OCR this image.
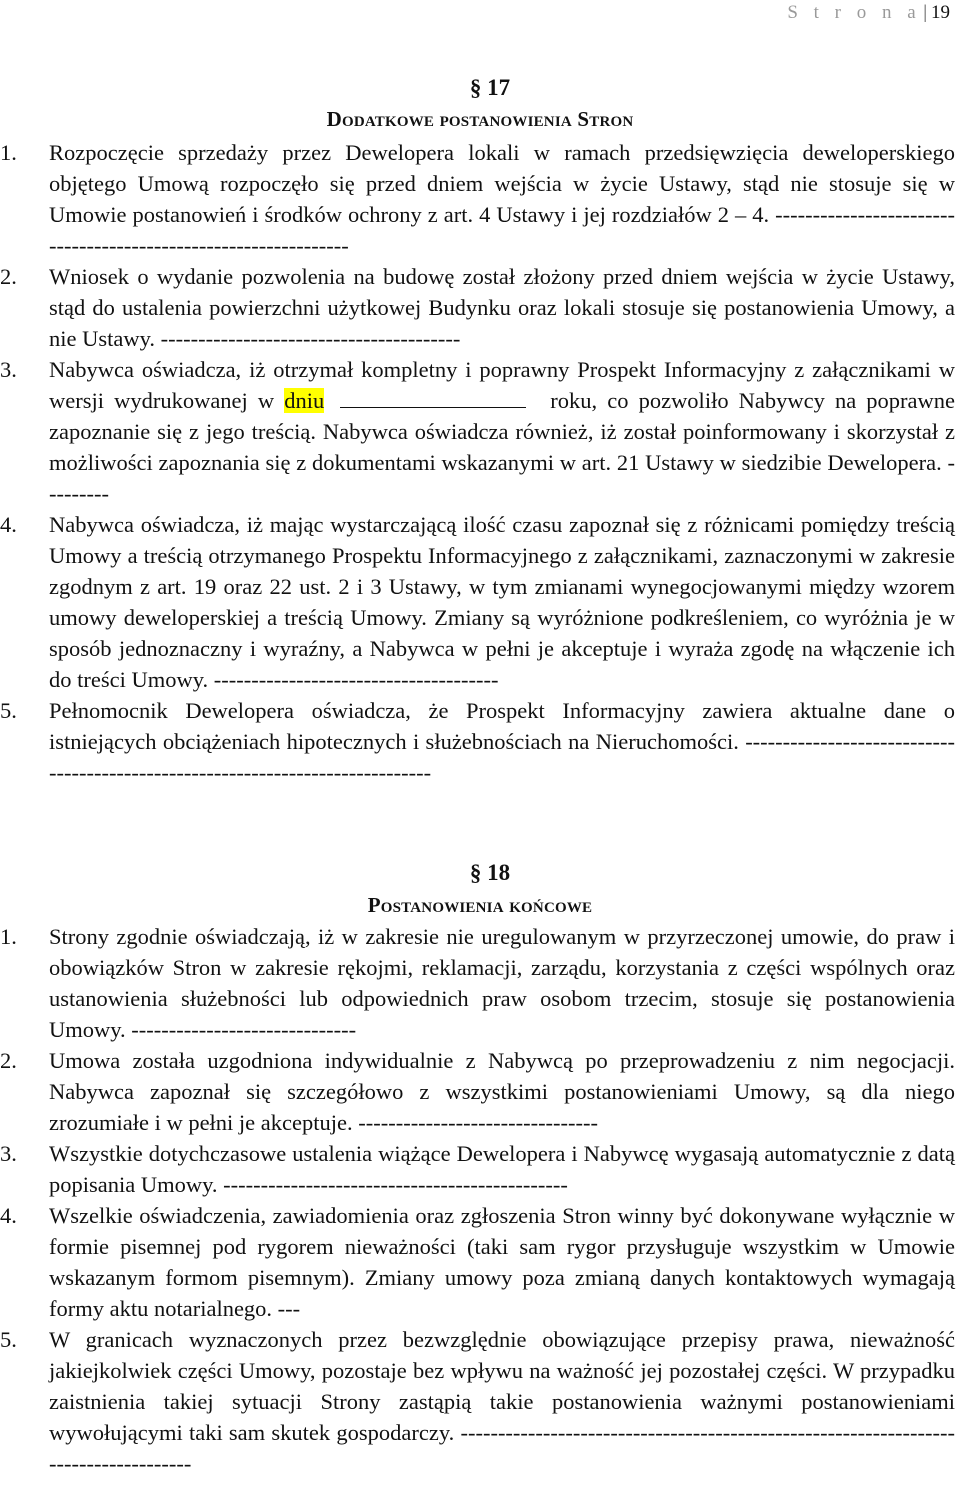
S t r o n a | 19
§ 17
Dodatkowe postanowienia Stron
1. Rozpoczęcie sprzedaży przez Dewelopera lokali w ramach przedsięwzięcia deweloperskiego objętego Umową rozpoczęło się przed dniem wejścia w życie Ustawy, stąd nie stosuje się w Umowie postanowień i środków ochrony z art. 4 Ustawy i jej rozdziałów 2 – 4. ----------------------------------------------------------------

2. Wniosek o wydanie pozwolenia na budowę został złożony przed dniem wejścia w życie Ustawy, stąd do ustalenia powierzchni użytkowej Budynku oraz lokali stosuje się postanowienia Umowy, a nie Ustawy. ----------------------------------------

3. Nabywca oświadcza, iż otrzymał kompletny i poprawny Prospekt Informacyjny z załącznikami w wersji wydrukowanej w dniu	roku, co pozwoliło Nabywcy na poprawne zapoznanie się z jego treścią. Nabywca oświadcza również, iż został poinformowany i skorzystał z możliwości zapoznania się z dokumentami wskazanymi w art. 21 Ustawy w siedzibie Dewelopera. ---------

4. Nabywca oświadcza, iż mając wystarczającą ilość czasu zapoznał się z różnicami pomiędzy treścią Umowy a treścią otrzymanego Prospektu Informacyjnego z załącznikami, zaznaczonymi w zakresie zgodnym z art. 19 oraz 22 ust. 2 i 3 Ustawy, w tym zmianami wynegocjowanymi między wzorem umowy deweloperskiej a treścią Umowy. Zmiany są wyróżnione podkreśleniem, co wyróżnia je w sposób jednoznaczny i wyraźny, a Nabywca w pełni je akceptuje i wyraża zgodę na włączenie ich do treści Umowy. --------------------------------------

5. Pełnomocnik Dewelopera oświadcza, że Prospekt Informacyjny zawiera aktualne dane o istniejących obciążeniach hipotecznych i służebnościach na Nieruchomości. -------------------------------------------------------------------------------

§ 18
Postanowienia końcowe
1. Strony zgodnie oświadczają, iż w zakresie nie uregulowanym w przyrzeczonej umowie, do praw i obowiązków Stron w zakresie rękojmi, reklamacji, zarządu, korzystania z części wspólnych oraz ustanowienia służebności lub odpowiednich praw osobom trzecim, stosuje się postanowienia Umowy. ------------------------------

2. Umowa została uzgodniona indywidualnie z Nabywcą po przeprowadzeniu z nim negocjacji. Nabywca zapoznał się szczegółowo z wszystkimi postanowieniami Umowy, są dla niego zrozumiałe i w pełni je akceptuje. --------------------------------

3. Wszystkie dotychczasowe ustalenia wiążące Dewelopera i Nabywcę wygasają automatycznie z datą popisania Umowy. ----------------------------------------------

4. Wszelkie oświadczenia, zawiadomienia oraz zgłoszenia Stron winny być dokonywane wyłącznie w formie pisemnej pod rygorem nieważności (taki sam rygor przysługuje wszystkim w Umowie wskazanym formom pisemnym). Zmiany umowy poza zmianą danych kontaktowych wymagają formy aktu notarialnego. ---

5. W granicach wyznaczonych przez bezwzględnie obowiązujące przepisy prawa, nieważność jakiejkolwiek części Umowy, pozostaje bez wpływu na ważność jej pozostałej części. W przypadku zaistnienia takiej sytuacji Strony zastąpią takie postanowienia ważnymi postanowieniami wywołującymi taki sam skutek gospodarczy. -------------------------------------------------------------------------------------
